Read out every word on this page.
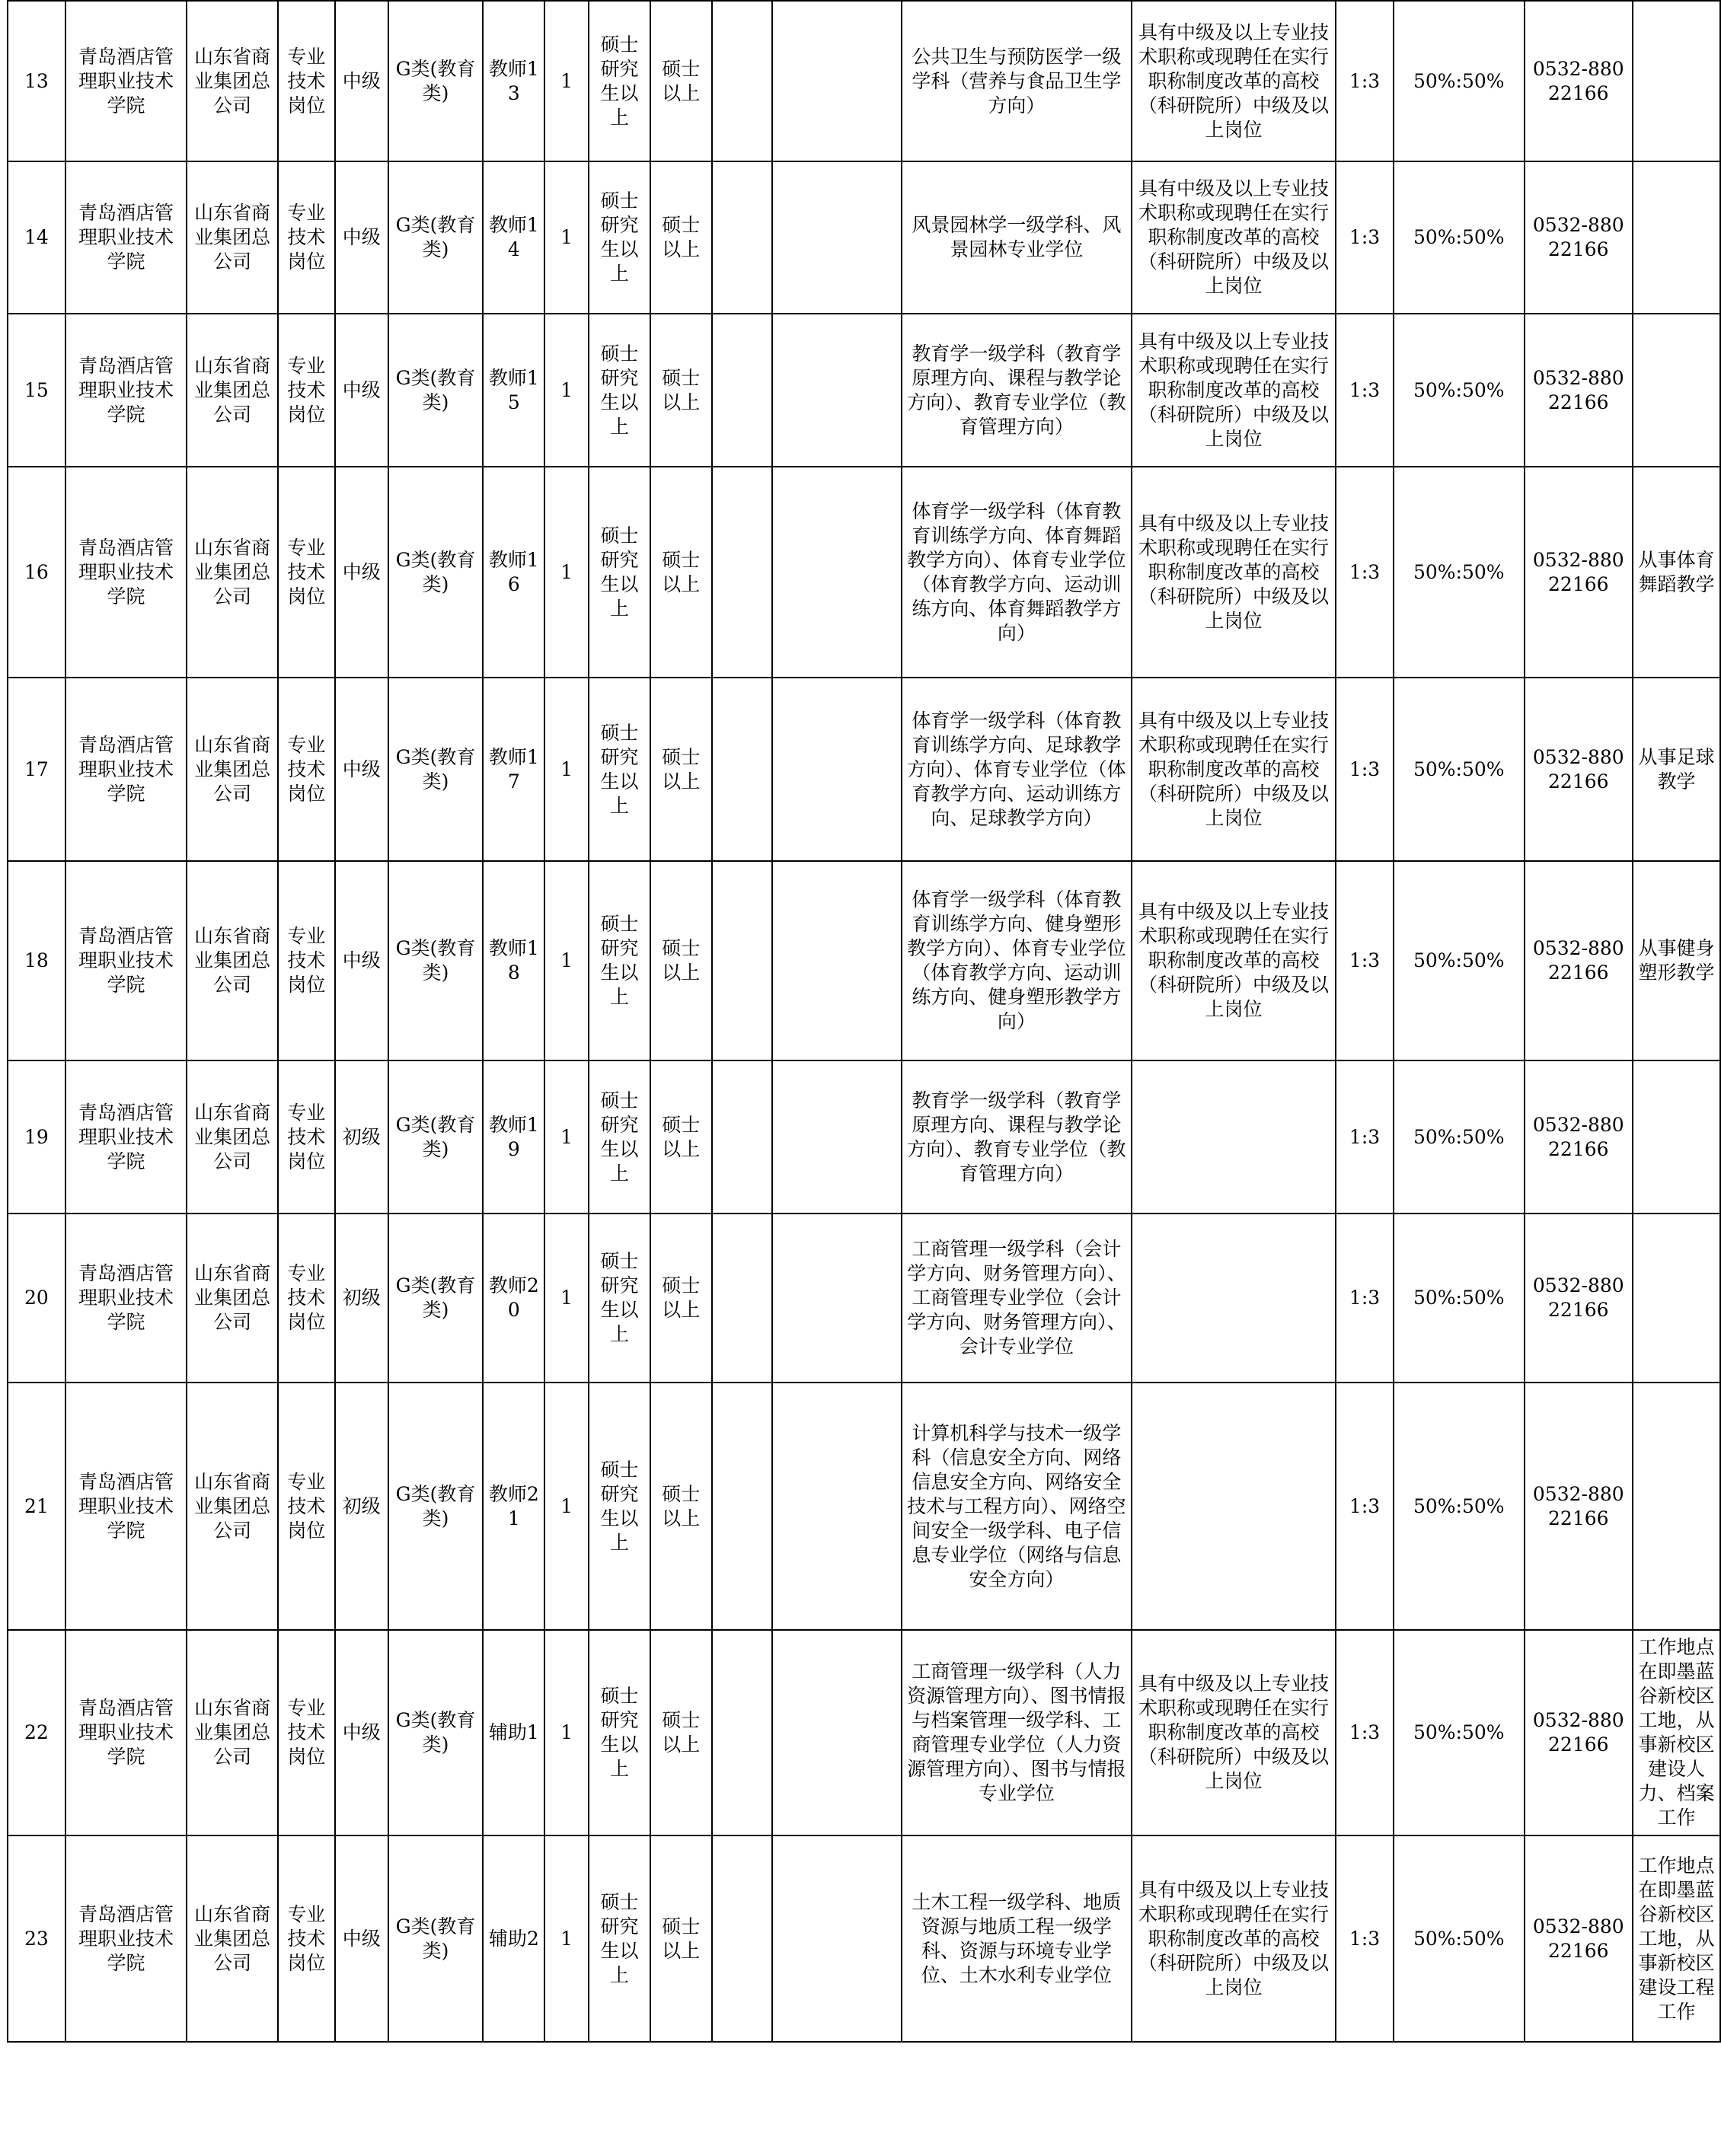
13	青岛酒店管理职业技术学院	山东省商业集团总公司	专业技术岗位	中级	G类(教育类)	教师13	1	硕士研究生以上	硕士以上			公共卫生与预防医学一级学科（营养与食品卫生学方向）	具有中级及以上专业技术职称或现聘任在实行职称制度改革的高校（科研院所）中级及以上岗位	1:3	50%:50%	0532-88022166	
14	青岛酒店管理职业技术学院	山东省商业集团总公司	专业技术岗位	中级	G类(教育类)	教师14	1	硕士研究生以上	硕士以上			风景园林学一级学科、风景园林专业学位	具有中级及以上专业技术职称或现聘任在实行职称制度改革的高校（科研院所）中级及以上岗位	1:3	50%:50%	0532-88022166	
15	青岛酒店管理职业技术学院	山东省商业集团总公司	专业技术岗位	中级	G类(教育类)	教师15	1	硕士研究生以上	硕士以上			教育学一级学科（教育学原理方向、课程与教学论方向）、教育专业学位（教育管理方向）	具有中级及以上专业技术职称或现聘任在实行职称制度改革的高校（科研院所）中级及以上岗位	1:3	50%:50%	0532-88022166	
16	青岛酒店管理职业技术学院	山东省商业集团总公司	专业技术岗位	中级	G类(教育类)	教师16	1	硕士研究生以上	硕士以上			体育学一级学科（体育教育训练学方向、体育舞蹈教学方向）、体育专业学位（体育教学方向、运动训练方向、体育舞蹈教学方向）	具有中级及以上专业技术职称或现聘任在实行职称制度改革的高校（科研院所）中级及以上岗位	1:3	50%:50%	0532-88022166	从事体育舞蹈教学
17	青岛酒店管理职业技术学院	山东省商业集团总公司	专业技术岗位	中级	G类(教育类)	教师17	1	硕士研究生以上	硕士以上			体育学一级学科（体育教育训练学方向、足球教学方向）、体育专业学位（体育教学方向、运动训练方向、足球教学方向）	具有中级及以上专业技术职称或现聘任在实行职称制度改革的高校（科研院所）中级及以上岗位	1:3	50%:50%	0532-88022166	从事足球教学
18	青岛酒店管理职业技术学院	山东省商业集团总公司	专业技术岗位	中级	G类(教育类)	教师18	1	硕士研究生以上	硕士以上			体育学一级学科（体育教育训练学方向、健身塑形教学方向）、体育专业学位（体育教学方向、运动训练方向、健身塑形教学方向）	具有中级及以上专业技术职称或现聘任在实行职称制度改革的高校（科研院所）中级及以上岗位	1:3	50%:50%	0532-88022166	从事健身塑形教学
19	青岛酒店管理职业技术学院	山东省商业集团总公司	专业技术岗位	初级	G类(教育类)	教师19	1	硕士研究生以上	硕士以上			教育学一级学科（教育学原理方向、课程与教学论方向）、教育专业学位（教育管理方向）		1:3	50%:50%	0532-88022166	
20	青岛酒店管理职业技术学院	山东省商业集团总公司	专业技术岗位	初级	G类(教育类)	教师20	1	硕士研究生以上	硕士以上			工商管理一级学科（会计学方向、财务管理方向）、工商管理专业学位（会计学方向、财务管理方向）、会计专业学位		1:3	50%:50%	0532-88022166	
21	青岛酒店管理职业技术学院	山东省商业集团总公司	专业技术岗位	初级	G类(教育类)	教师21	1	硕士研究生以上	硕士以上			计算机科学与技术一级学科（信息安全方向、网络信息安全方向、网络安全技术与工程方向）、网络空间安全一级学科、电子信息专业学位（网络与信息安全方向）		1:3	50%:50%	0532-88022166	
22	青岛酒店管理职业技术学院	山东省商业集团总公司	专业技术岗位	中级	G类(教育类)	辅助1	1	硕士研究生以上	硕士以上			工商管理一级学科（人力资源管理方向）、图书情报与档案管理一级学科、工商管理专业学位（人力资源管理方向）、图书与情报专业学位	具有中级及以上专业技术职称或现聘任在实行职称制度改革的高校（科研院所）中级及以上岗位	1:3	50%:50%	0532-88022166	工作地点在即墨蓝谷新校区工地，从事新校区建设人力、档案工作
23	青岛酒店管理职业技术学院	山东省商业集团总公司	专业技术岗位	中级	G类(教育类)	辅助2	1	硕士研究生以上	硕士以上			土木工程一级学科、地质资源与地质工程一级学科、资源与环境专业学位、土木水利专业学位	具有中级及以上专业技术职称或现聘任在实行职称制度改革的高校（科研院所）中级及以上岗位	1:3	50%:50%	0532-88022166	工作地点在即墨蓝谷新校区工地，从事新校区建设工程工作
